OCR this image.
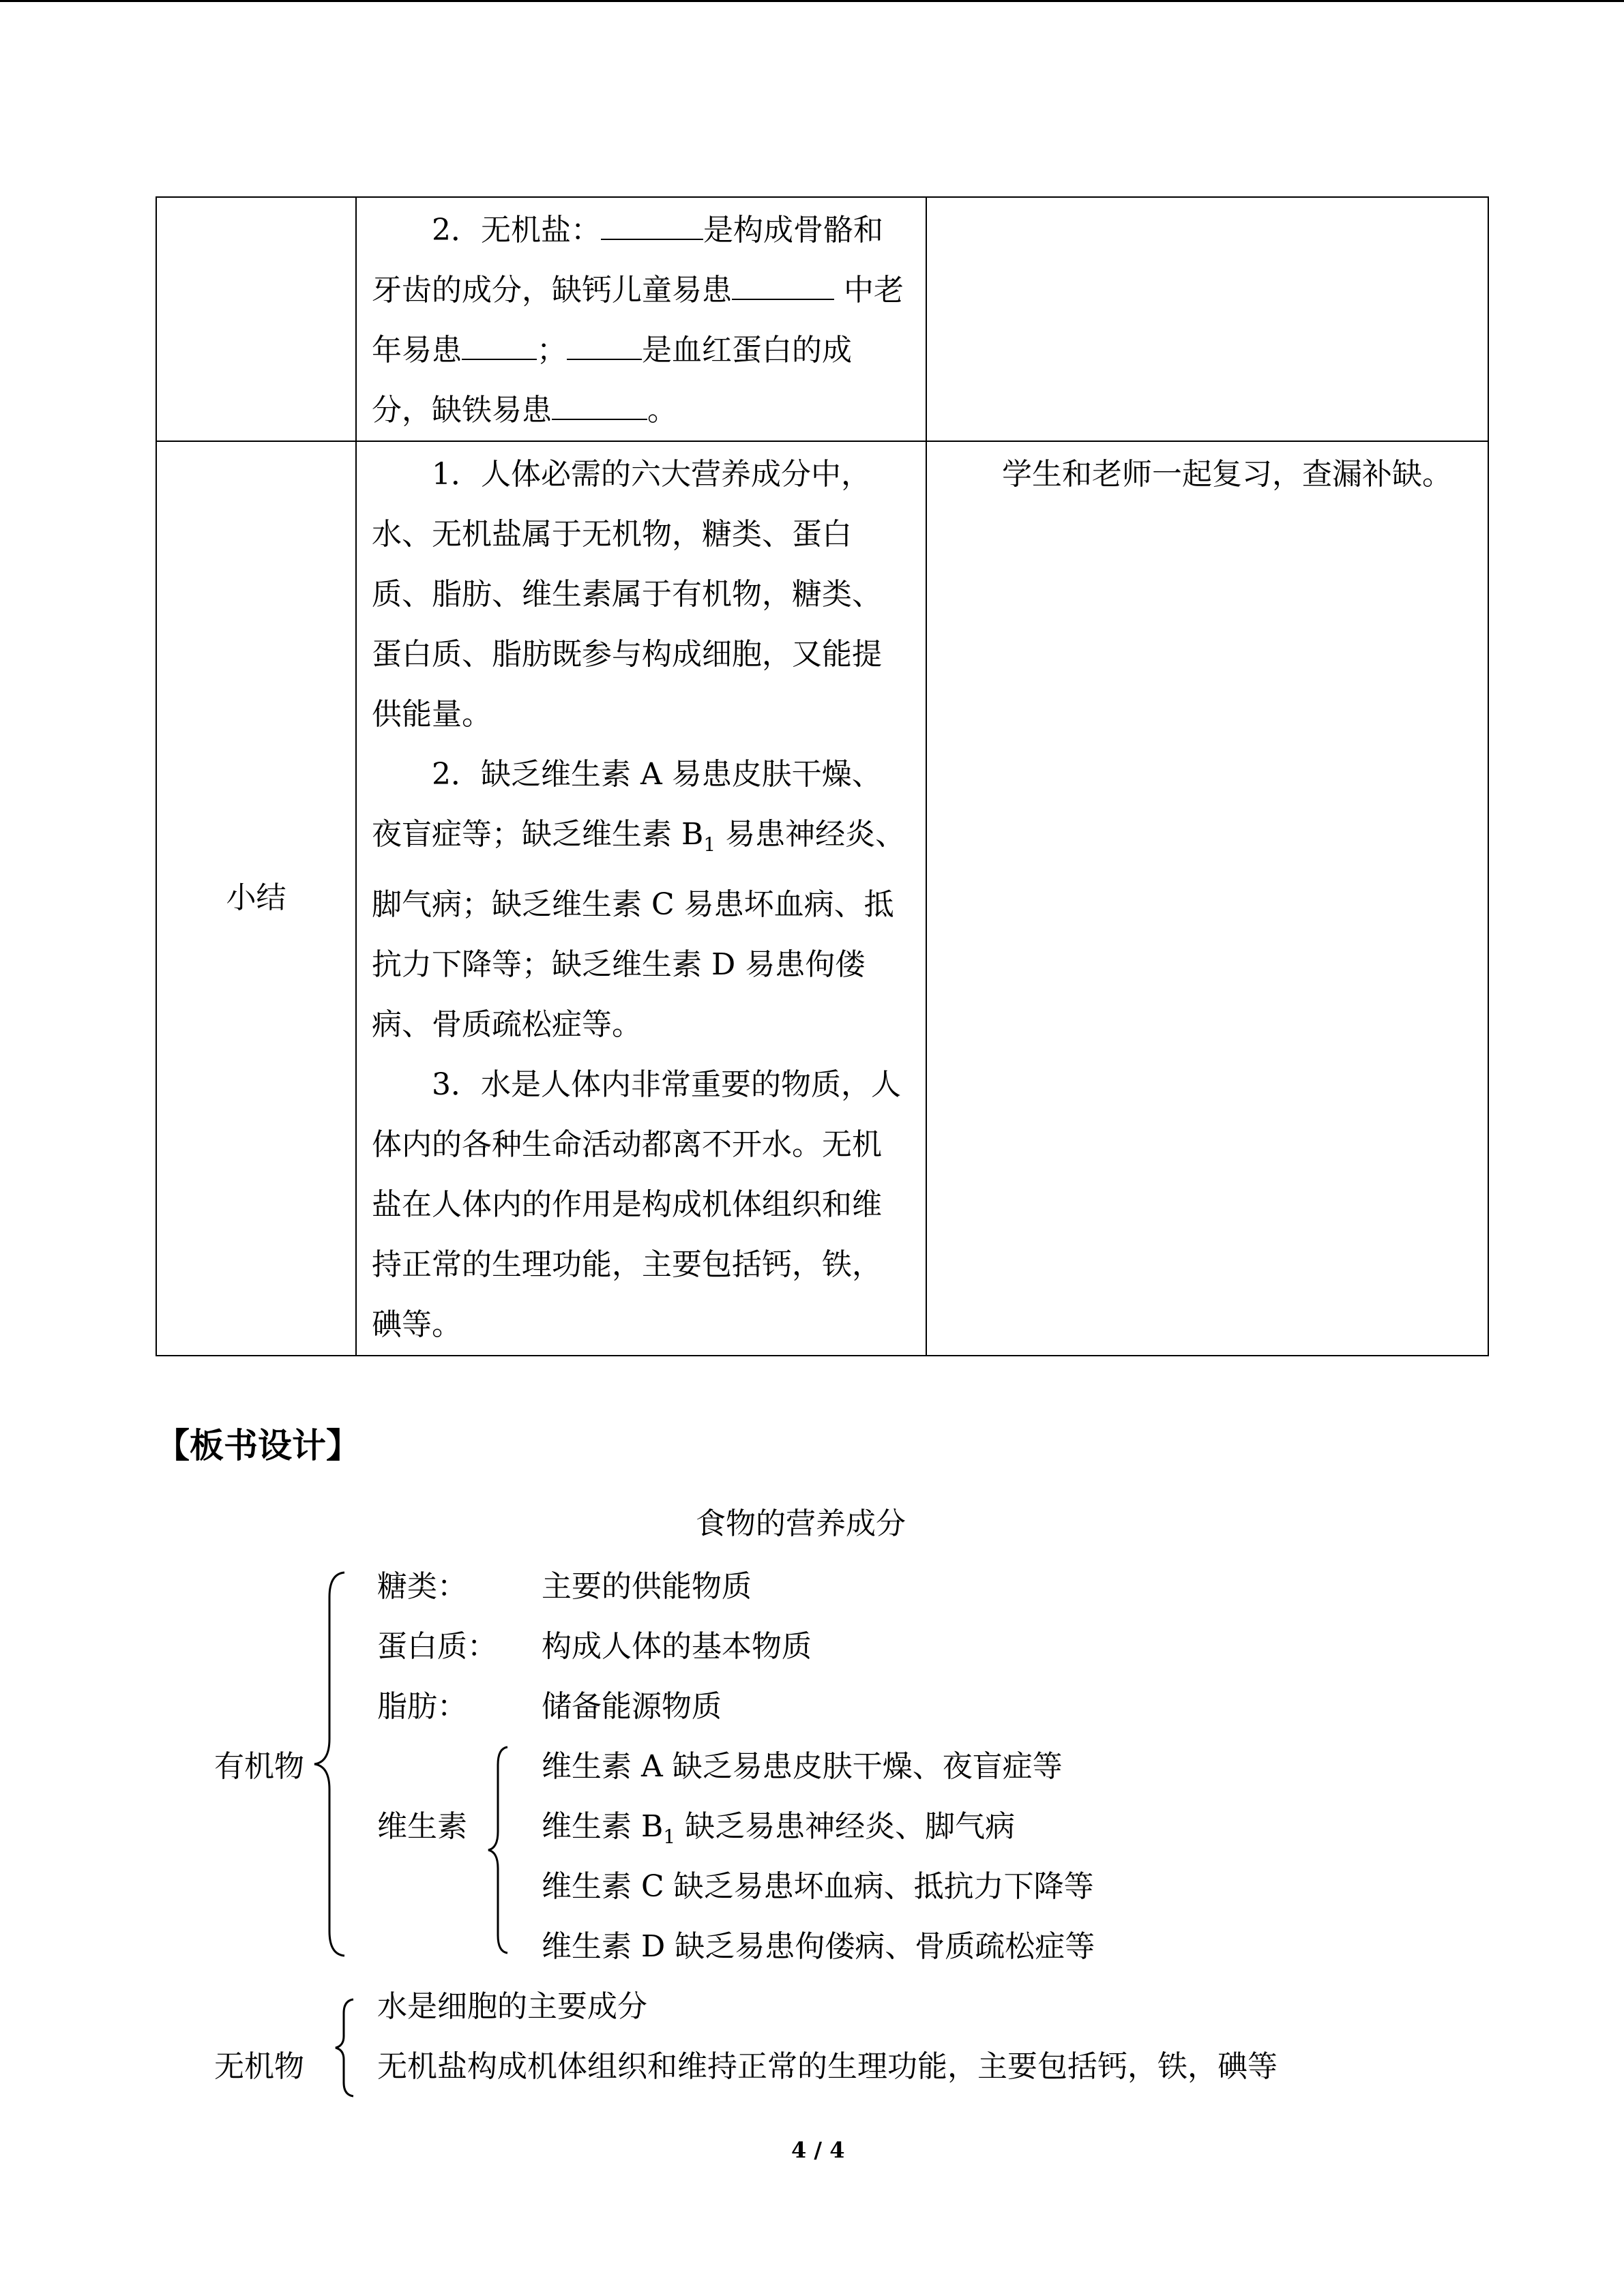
	2．无机盐： 是构成骨骼和牙齿的成分，缺钙儿童易患 中老年易患 ； 是血红蛋白的成分，缺铁易患 。	

小结	1．人体必需的六大营养成分中，水、无机盐属于无机物，糖类、蛋白质、脂肪、维生素属于有机物，糖类、蛋白质、脂肪既参与构成细胞，又能提供能量。

2．缺乏维生素 A 易患皮肤干燥、夜盲症等；缺乏维生素 $B_1$ 易患神经炎、脚气病；缺乏维生素 C 易患坏血病、抵抗力下降等；缺乏维生素 D 易患佝偻病、骨质疏松症等。

3．水是人体内非常重要的物质，人体内的各种生命活动都离不开水。无机盐在人体内的作用是构成机体组织和维持正常的生理功能，主要包括钙，铁，碘等。	学生和老师一起复习，查漏补缺。

【板书设计】
食物的营养成分
有机物
糖类： 主要的供能物质
蛋白质： 构成人体的基本物质
脂肪： 储备能源物质
维生素
维生素 A 缺乏易患皮肤干燥、夜盲症等
维生素 $B_1$ 缺乏易患神经炎、脚气病
维生素 C 缺乏易患坏血病、抵抗力下降等
维生素 D 缺乏易患佝偻病、骨质疏松症等
无机物
水是细胞的主要成分
无机盐构成机体组织和维持正常的生理功能，主要包括钙，铁，碘等
4 / 4
